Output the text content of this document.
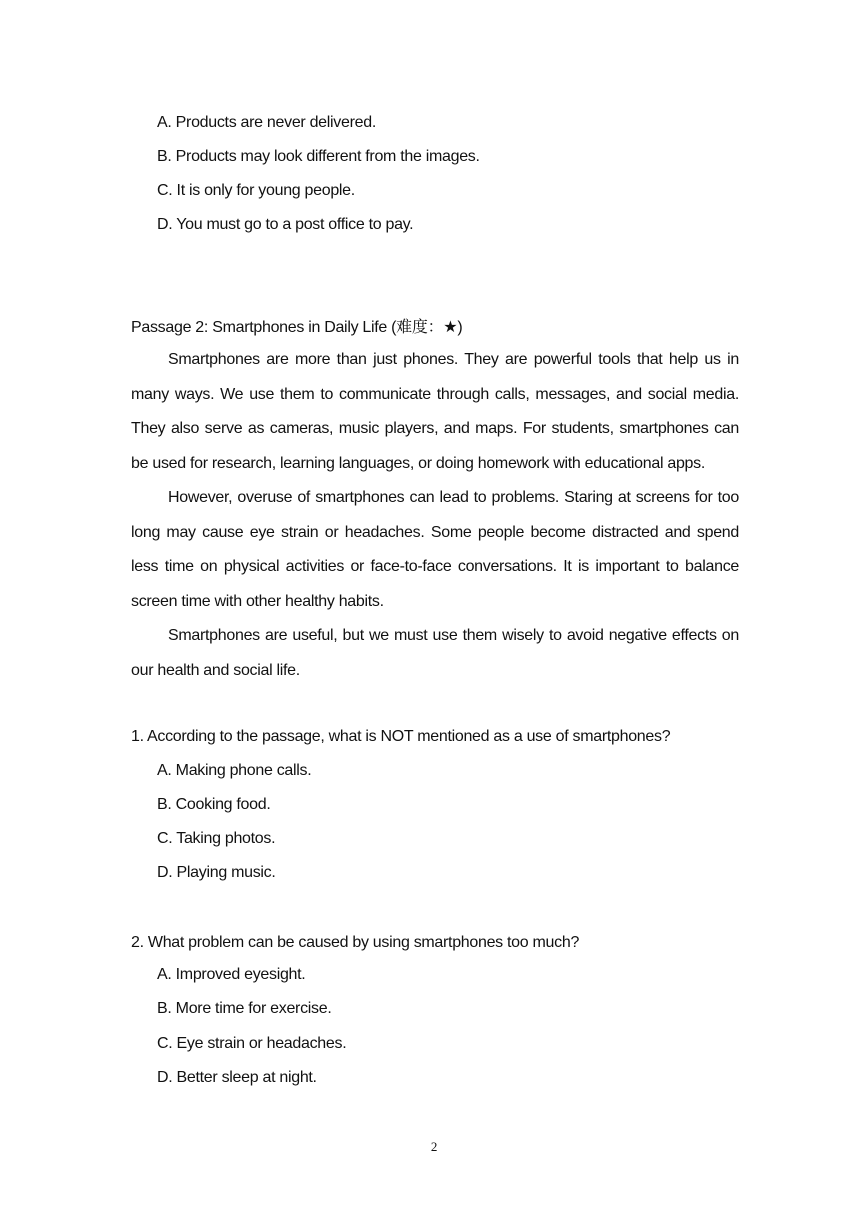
A. Products are never delivered.
B. Products may look different from the images.
C. It is only for young people.
D. You must go to a post office to pay.
Passage 2: Smartphones in Daily Life (难度：★)
Smartphones are more than just phones. They are powerful tools that help us in many ways. We use them to communicate through calls, messages, and social media. They also serve as cameras, music players, and maps. For students, smartphones can be used for research, learning languages, or doing homework with educational apps.
However, overuse of smartphones can lead to problems. Staring at screens for too long may cause eye strain or headaches. Some people become distracted and spend less time on physical activities or face-to-face conversations. It is important to balance screen time with other healthy habits.
Smartphones are useful, but we must use them wisely to avoid negative effects on our health and social life.
1. According to the passage, what is NOT mentioned as a use of smartphones?
A. Making phone calls.
B. Cooking food.
C. Taking photos.
D. Playing music.
2. What problem can be caused by using smartphones too much?
A. Improved eyesight.
B. More time for exercise.
C. Eye strain or headaches.
D. Better sleep at night.
2
